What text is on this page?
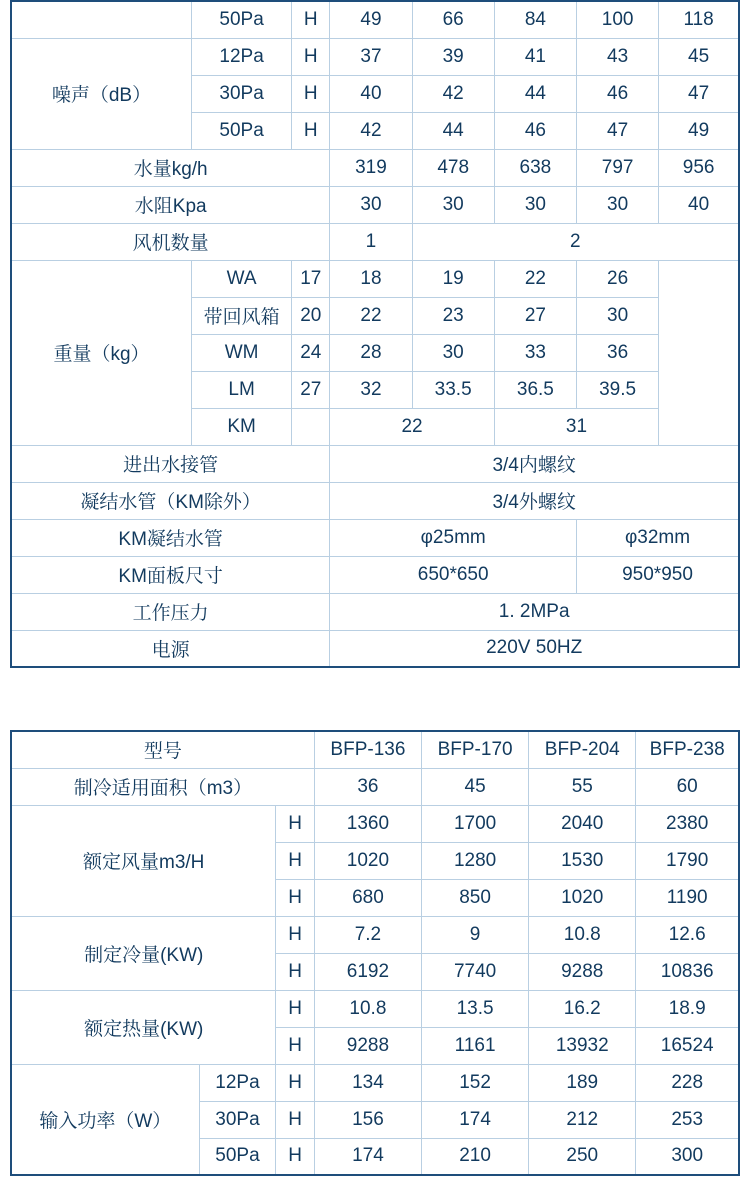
	50Pa	H	49	66	84	100	118
噪声（dB）	12Pa	H	37	39	41	43	45
	30Pa	H	40	42	44	46	47
	50Pa	H	42	44	46	47	49
水量kg/h			319	478	638	797	956
水阻Kpa			30	30	30	30	40
风机数量			1	2			
重量（kg）	WA	17	18	19	22	26	
	带回风箱	20	22	23	27	30	
	WM	24	28	30	33	36	
	LM	27	32	33.5	36.5	39.5	
	KM		22		31		
进出水接管			3/4内螺纹				
凝结水管（KM除外）			3/4外螺纹				
KM凝结水管			φ25mm			φ32mm	
KM面板尺寸			650*650			950*950	
工作压力			1. 2MPa				
电源			220V 50HZ				
型号			BFP-136	BFP-170	BFP-204	BFP-238
制冷适用面积（m3）			36	45	55	60
额定风量m3/H		H	1360	1700	2040	2380
		H	1020	1280	1530	1790
		H	680	850	1020	1190
制定冷量(KW)		H	7.2	9	10.8	12.6
		H	6192	7740	9288	10836
额定热量(KW)		H	10.8	13.5	16.2	18.9
		H	9288	1161	13932	16524
输入功率（W）	12Pa	H	134	152	189	228
	30Pa	H	156	174	212	253
	50Pa	H	174	210	250	300
